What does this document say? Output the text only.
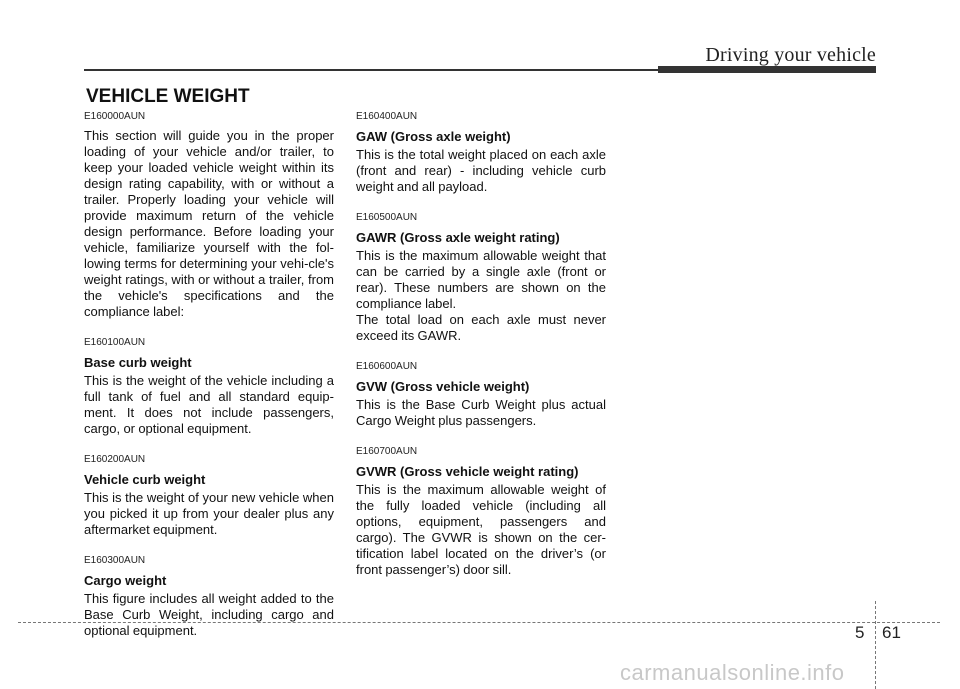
Driving your vehicle
VEHICLE WEIGHT

E160000AUN

This section will guide you in the proper loading of your vehicle and/or trailer, to keep your loaded vehicle weight within its design rating capability, with or without a trailer. Properly loading your vehicle will provide maximum return of the vehicle design performance. Before loading your vehicle, familiarize yourself with the fol-lowing terms for determining your vehi-cle's weight ratings, with or without a trailer, from the vehicle's specifications and the compliance label:

E160100AUN

Base curb weight

This is the weight of the vehicle including a full tank of fuel and all standard equip-ment. It does not include passengers, cargo, or optional equipment.

E160200AUN

Vehicle curb weight

This is the weight of your new vehicle when you picked it up from your dealer plus any aftermarket equipment.

E160300AUN

Cargo weight

This figure includes all weight added to the Base Curb Weight, including cargo and optional equipment.

E160400AUN

GAW (Gross axle weight)

This is the total weight placed on each axle (front and rear) - including vehicle curb weight and all payload.

E160500AUN

GAWR (Gross axle weight rating)

This is the maximum allowable weight that can be carried by a single axle (front or rear). These numbers are shown on the compliance label.
The total load on each axle must never exceed its GAWR.

E160600AUN

GVW (Gross vehicle weight)

This is the Base Curb Weight plus actual Cargo Weight plus passengers.

E160700AUN

GVWR (Gross vehicle weight rating)

This is the maximum allowable weight of the fully loaded vehicle (including all options, equipment, passengers and cargo). The GVWR is shown on the cer-tification label located on the driver’s (or front passenger’s) door sill.

5 61
carmanualsonline.info
